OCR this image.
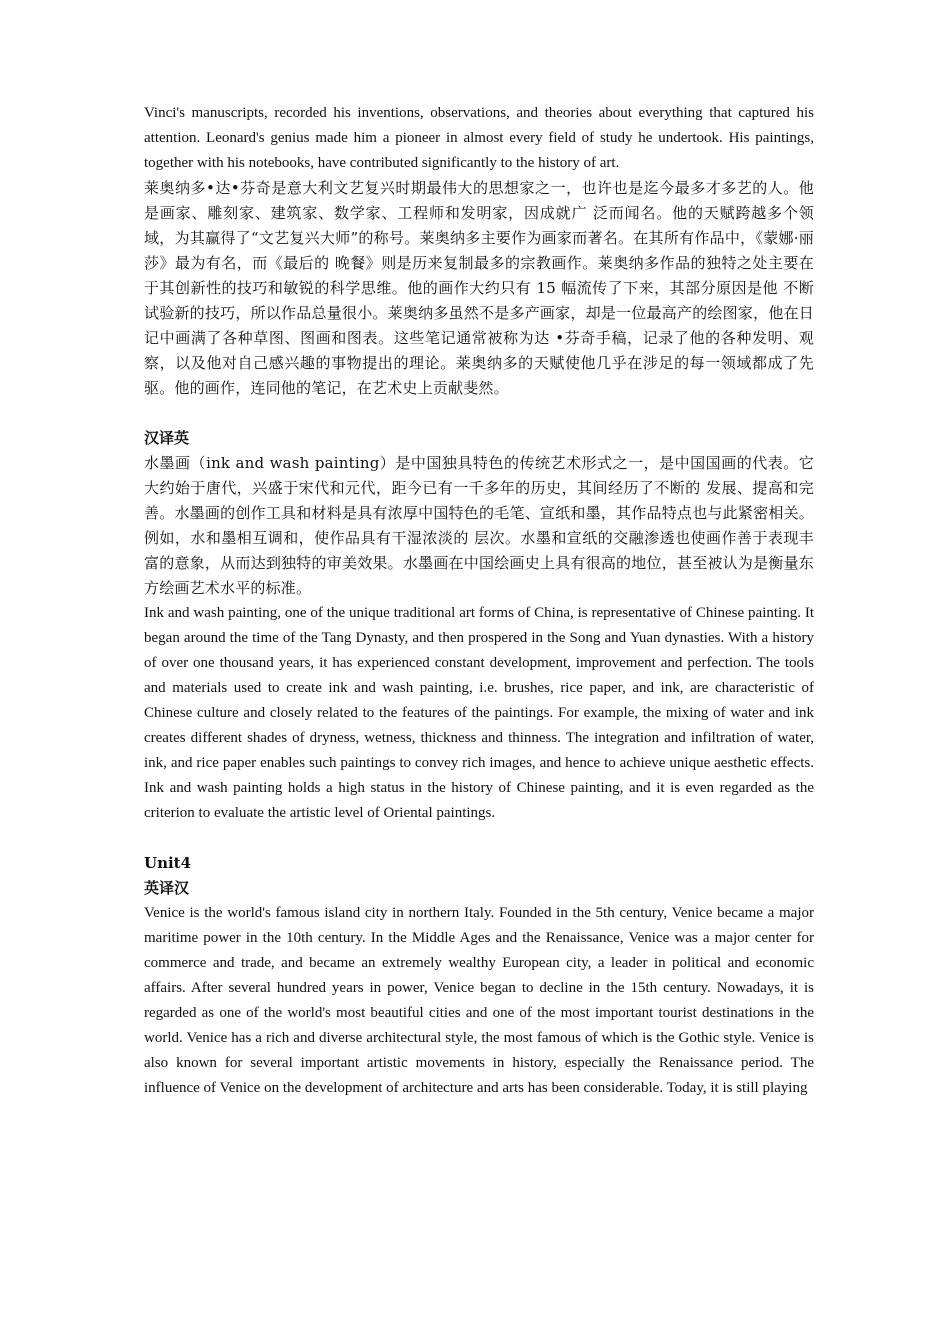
Vinci's manuscripts, recorded his inventions, observations, and theories about everything that captured his attention. Leonard's genius made him a pioneer in almost every field of study he undertook. His paintings, together with his notebooks, have contributed significantly to the history of art.

莱奥纳多•达•芬奇是意大利文艺复兴时期最伟大的思想家之一，也许也是迄今最多才多艺的人。他是画家、雕刻家、建筑家、数学家、工程师和发明家，因成就广 泛而闻名。他的天赋跨越多个领域，为其赢得了“文艺复兴大师”的称号。莱奥纳多主要作为画家而著名。在其所有作品中，《蒙娜·丽莎》最为有名，而《最后的 晚餐》则是历来复制最多的宗教画作。莱奥纳多作品的独特之处主要在于其创新性的技巧和敏锐的科学思维。他的画作大约只有 15 幅流传了下来，其部分原因是他 不断试验新的技巧，所以作品总量很小。莱奥纳多虽然不是多产画家，却是一位最高产的绘图家，他在日记中画满了各种草图、图画和图表。这些笔记通常被称为达 •芬奇手稿，记录了他的各种发明、观察，以及他对自己感兴趣的事物提出的理论。莱奥纳多的天赋使他几乎在涉足的每一领域都成了先驱。他的画作，连同他的笔记，在艺术史上贡献斐然。

汉译英

水墨画（ink and wash painting）是中国独具特色的传统艺术形式之一，是中国国画的代表。它大约始于唐代，兴盛于宋代和元代，距今已有一千多年的历史，其间经历了不断的 发展、提高和完善。水墨画的创作工具和材料是具有浓厚中国特色的毛笔、宣纸和墨，其作品特点也与此紧密相关。例如，水和墨相互调和，使作品具有干湿浓淡的 层次。水墨和宣纸的交融渗透也使画作善于表现丰富的意象，从而达到独特的审美效果。水墨画在中国绘画史上具有很高的地位，甚至被认为是衡量东方绘画艺术水平的标准。

Ink and wash painting, one of the unique traditional art forms of China, is representative of Chinese painting. It began around the time of the Tang Dynasty, and then prospered in the Song and Yuan dynasties. With a history of over one thousand years, it has experienced constant development, improvement and perfection. The tools and materials used to create ink and wash painting, i.e. brushes, rice paper, and ink, are characteristic of Chinese culture and closely related to the features of the paintings. For example, the mixing of water and ink creates different shades of dryness, wetness, thickness and thinness. The integration and infiltration of water, ink, and rice paper enables such paintings to convey rich images, and hence to achieve unique aesthetic effects. Ink and wash painting holds a high status in the history of Chinese painting, and it is even regarded as the criterion to evaluate the artistic level of Oriental paintings.

Unit4

英译汉

Venice is the world's famous island city in northern Italy. Founded in the 5th century, Venice became a major maritime power in the 10th century. In the Middle Ages and the Renaissance, Venice was a major center for commerce and trade, and became an extremely wealthy European city, a leader in political and economic affairs. After several hundred years in power, Venice began to decline in the 15th century. Nowadays, it is regarded as one of the world's most beautiful cities and one of the most important tourist destinations in the world. Venice has a rich and diverse architectural style, the most famous of which is the Gothic style. Venice is also known for several important artistic movements in history, especially the Renaissance period. The influence of Venice on the development of architecture and arts has been considerable. Today, it is still playing
